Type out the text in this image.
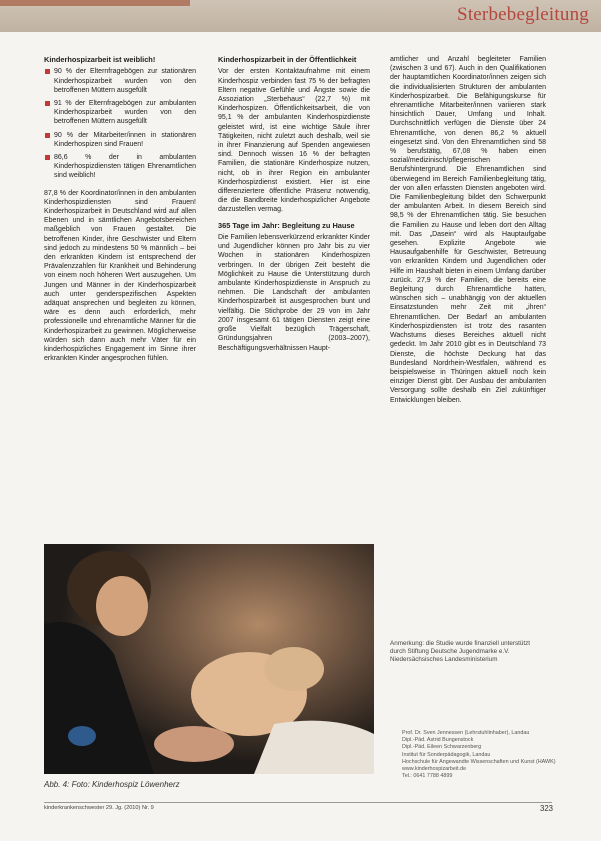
Sterbebegleitung
Kinderhospizarbeit ist weiblich!
90 % der Elternfragebögen zur stationären Kinderhospizarbeit wurden von den betroffenen Müttern ausgefüllt
91 % der Elternfragebögen zur ambulanten Kinderhospizarbeit wurden von den betroffenen Müttern ausgefüllt
90 % der Mitarbeiter/innen in stationären Kinderhospizen sind Frauen!
86,6 % der in ambulanten Kinderhospizdiensten tätigen Ehrenamtlichen sind weiblich!

87,8 % der Koordinator/innen in den ambulanten Kinderhospizdiensten sind Frauen! Kinderhospizarbeit in Deutschland wird auf allen Ebenen und in sämtlichen Angebotsbereichen maßgeblich von Frauen gestaltet. Die betroffenen Kinder, ihre Geschwister und Eltern sind jedoch zu mindestens 50 % männlich – bei den erkrankten Kindern ist entsprechend der Prävalenzzahlen für Krankheit und Behinderung von einem noch höheren Wert auszugehen. Um Jungen und Männer in der Kinderhospizarbeit auch unter genderspezifischen Aspekten adäquat ansprechen und begleiten zu können, wäre es denn auch erforderlich, mehr professionelle und ehrenamtliche Männer für die Kinderhospizarbeit zu gewinnen. Möglicherweise würden sich dann auch mehr Väter für ein kinderhospizliches Engagement im Sinne ihrer erkrankten Kinder angesprochen fühlen.

Kinderhospizarbeit in der Öffentlichkeit

Vor der ersten Kontaktaufnahme mit einem Kinderhospiz verbinden fast 75 % der befragten Eltern negative Gefühle und Ängste sowie die Assoziation „Sterbehaus“ (22,7 %) mit Kinderhospizen. Öffentlichkeitsarbeit, die von 95,1 % der ambulanten Kinderhospizdienste geleistet wird, ist eine wichtige Säule ihrer Tätigkeiten, nicht zuletzt auch deshalb, weil sie in ihrer Finanzierung auf Spenden angewiesen sind. Dennoch wissen 16 % der befragten Familien, die stationäre Kinderhospize nutzen, nicht, ob in ihrer Region ein ambulanter Kinderhospizdienst existiert. Hier ist eine differenziertere öffentliche Präsenz notwendig, die die Bandbreite kinderhospizlicher Angebote darzustellen vermag.

365 Tage im Jahr: Begleitung zu Hause

Die Familien lebensverkürzend erkrankter Kinder und Jugendlicher können pro Jahr bis zu vier Wochen in stationären Kinderhospizen verbringen. In der übrigen Zeit besteht die Möglichkeit zu Hause die Unterstützung durch ambulante Kinderhospizdienste in Anspruch zu nehmen. Die Landschaft der ambulanten Kinderhospizarbeit ist ausgesprochen bunt und vielfältig. Die Stichprobe der 29 von im Jahr 2007 insgesamt 61 tätigen Diensten zeigt eine große Vielfalt bezüglich Trägerschaft, Gründungsjahren (2003–2007), Beschäftigungsverhältnissen Haupt-

amtlicher und Anzahl begleiteter Familien (zwischen 3 und 67). Auch in den Qualifikationen der hauptamtlichen Koordinator/innen zeigen sich die individualisierten Strukturen der ambulanten Kinderhospizarbeit. Die Befähigungskurse für ehrenamtliche Mitarbeiter/innen variieren stark hinsichtlich Dauer, Umfang und Inhalt. Durchschnittlich verfügen die Dienste über 24 Ehrenamtliche, von denen 86,2 % aktuell eingesetzt sind. Von den Ehrenamtlichen sind 58 % berufstätig, 67,08 % haben einen sozial/medizinisch/pflegerischen Berufshintergrund. Die Ehrenamtlichen sind überwiegend im Bereich Familienbegleitung tätig, der von allen erfassten Diensten angeboten wird. Die Familienbegleitung bildet den Schwerpunkt der ambulanten Arbeit. In diesem Bereich sind 98,5 % der Ehrenamtlichen tätig. Sie besuchen die Familien zu Hause und leben dort den Alltag mit. Das „Dasein“ wird als Hauptaufgabe gesehen. Explizite Angebote wie Hausaufgabenhilfe für Geschwister, Betreuung von erkrankten Kindern und Jugendlichen oder Hilfe im Haushalt bieten in einem Umfang darüber zurück. 27,9 % der Familien, die bereits eine Begleitung durch Ehrenamtliche hatten, wünschen sich – unabhängig von der aktuellen Einsatzstunden mehr Zeit mit „ihren“ Ehrenamtlichen. Der Bedarf an ambulanten Kinderhospizdiensten ist trotz des rasanten Wachstums dieses Bereiches aktuell nicht gedeckt. Im Jahr 2010 gibt es in Deutschland 73 Dienste, die höchste Deckung hat das Bundesland Nordrhein-Westfalen, während es beispielsweise in Thüringen aktuell noch kein einziger Dienst gibt. Der Ausbau der ambulanten Versorgung sollte deshalb ein Ziel zukünftiger Entwicklungen bleiben.

Abb. 4: Foto: Kinderhospiz Löwenherz
Anmerkung: die Studie wurde finanziell unterstützt durch Stiftung Deutsche Jugendmarke e.V.
Niedersächsisches Landesministerium
Prof. Dr. Sven Jennessen (Lehrstuhlinhaber), Landau
Dipl.-Päd. Astrid Bungenstock
Dipl.-Päd. Eileen Schwarzenberg
Institut für Sonderpädagogik, Landau
Hochschule für Angewandte Wissenschaften und Kunst (HAWK)
www.kinderhospizarbeit.de
Tel.: 0641 7788 4899
kinderkrankenschwester 29. Jg. (2010) Nr. 9	323
